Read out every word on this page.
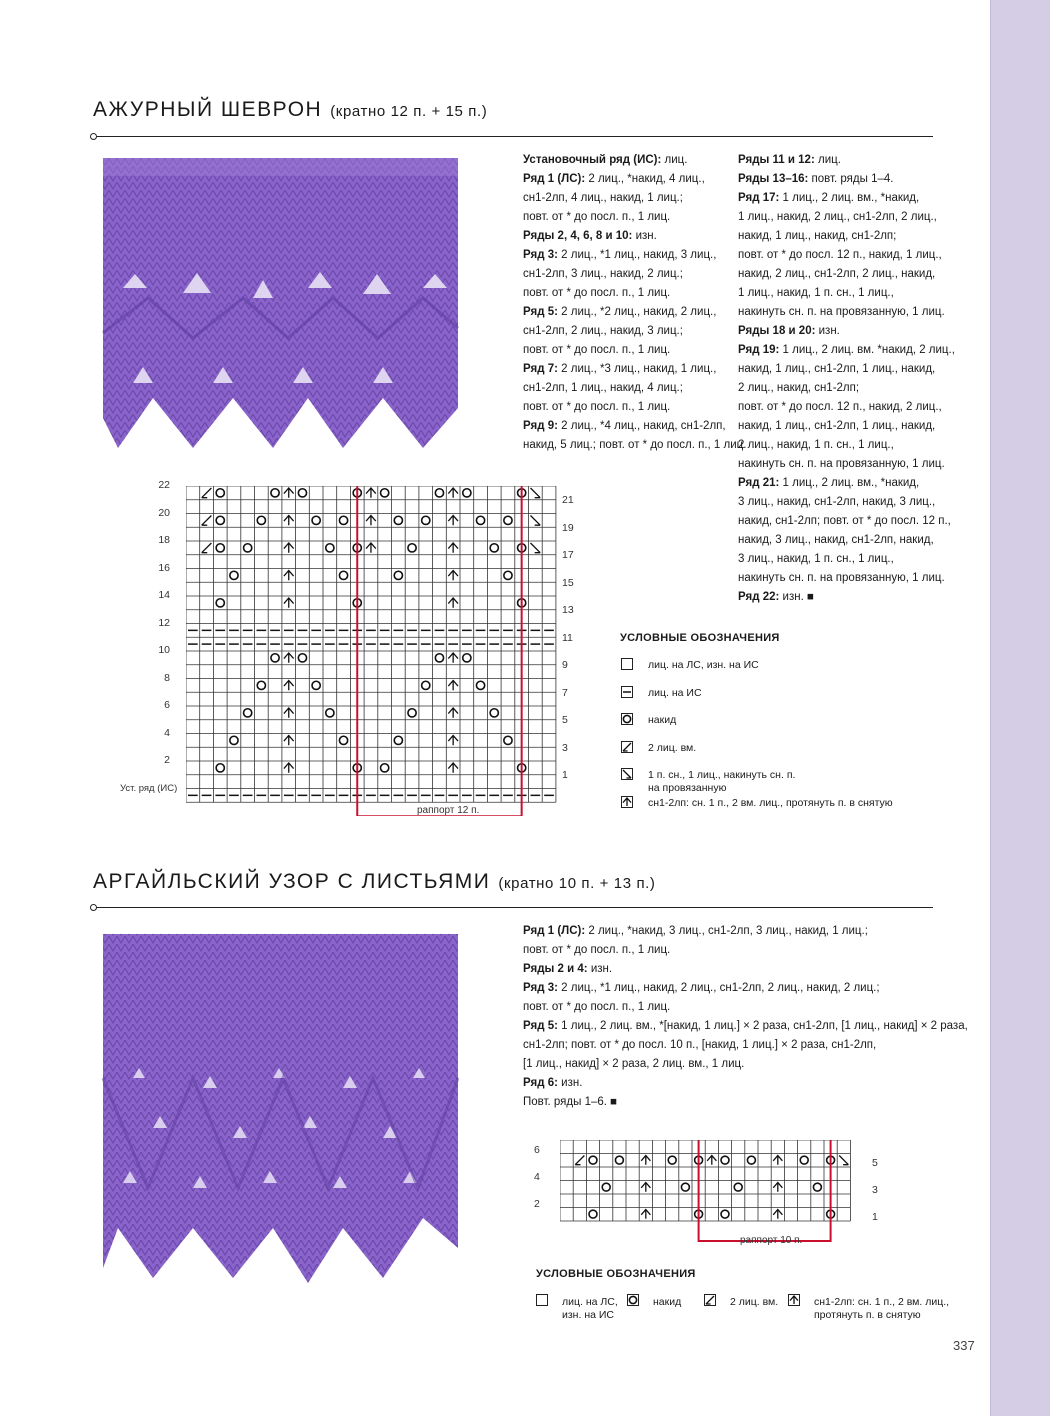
АЖУРНЫЙ ШЕВРОН (кратно 12 п. + 15 п.)
Установочный ряд (ИС): лиц.
Ряд 1 (ЛС): 2 лиц., *накид, 4 лиц.,
сн1-2лп, 4 лиц., накид, 1 лиц.;
повт. от * до посл. п., 1 лиц.
Ряды 2, 4, 6, 8 и 10: изн.
Ряд 3: 2 лиц., *1 лиц., накид, 3 лиц.,
сн1-2лп, 3 лиц., накид, 2 лиц.;
повт. от * до посл. п., 1 лиц.
Ряд 5: 2 лиц., *2 лиц., накид, 2 лиц.,
сн1-2лп, 2 лиц., накид, 3 лиц.;
повт. от * до посл. п., 1 лиц.
Ряд 7: 2 лиц., *3 лиц., накид, 1 лиц.,
сн1-2лп, 1 лиц., накид, 4 лиц.;
повт. от * до посл. п., 1 лиц.
Ряд 9: 2 лиц., *4 лиц., накид, сн1-2лп,
накид, 5 лиц.; повт. от * до посл. п., 1 лиц.
Ряды 11 и 12: лиц.
Ряды 13–16: повт. ряды 1–4.
Ряд 17: 1 лиц., 2 лиц. вм., *накид,
1 лиц., накид, 2 лиц., сн1-2лп, 2 лиц.,
накид, 1 лиц., накид, сн1-2лп;
повт. от * до посл. 12 п., накид, 1 лиц.,
накид, 2 лиц., сн1-2лп, 2 лиц., накид,
1 лиц., накид, 1 п. сн., 1 лиц.,
накинуть сн. п. на провязанную, 1 лиц.
Ряды 18 и 20: изн.
Ряд 19: 1 лиц., 2 лиц. вм. *накид, 2 лиц.,
накид, 1 лиц., сн1-2лп, 1 лиц., накид,
2 лиц., накид, сн1-2лп;
повт. от * до посл. 12 п., накид, 2 лиц.,
накид, 1 лиц., сн1-2лп, 1 лиц., накид,
2 лиц., накид, 1 п. сн., 1 лиц.,
накинуть сн. п. на провязанную, 1 лиц.
Ряд 21: 1 лиц., 2 лиц. вм., *накид,
3 лиц., накид, сн1-2лп, накид, 3 лиц.,
накид, сн1-2лп; повт. от * до посл. 12 п.,
накид, 3 лиц., накид, сн1-2лп, накид,
3 лиц., накид, 1 п. сн., 1 лиц.,
накинуть сн. п. на провязанную, 1 лиц.
Ряд 22: изн. ■
22
20
18
16
14
12
10
8
6
4
2
Уст. ряд (ИС)
21
19
17
15
13
11
9
7
5
3
1
раппорт 12 п.
УСЛОВНЫЕ ОБОЗНАЧЕНИЯ
лиц. на ЛС, изн. на ИС
лиц. на ИС
накид
2 лиц. вм.
1 п. сн., 1 лиц., накинуть сн. п.
на провязанную
сн1-2лп: сн. 1 п., 2 вм. лиц., протянуть п. в снятую
АРГАЙЛЬСКИЙ УЗОР С ЛИСТЬЯМИ (кратно 10 п. + 13 п.)
Ряд 1 (ЛС): 2 лиц., *накид, 3 лиц., сн1-2лп, 3 лиц., накид, 1 лиц.;
повт. от * до посл. п., 1 лиц.
Ряды 2 и 4: изн.
Ряд 3: 2 лиц., *1 лиц., накид, 2 лиц., сн1-2лп, 2 лиц., накид, 2 лиц.;
повт. от * до посл. п., 1 лиц.
Ряд 5: 1 лиц., 2 лиц. вм., *[накид, 1 лиц.] × 2 раза, сн1-2лп, [1 лиц., накид] × 2 раза,
сн1-2лп; повт. от * до посл. 10 п., [накид, 1 лиц.] × 2 раза, сн1-2лп,
[1 лиц., накид] × 2 раза, 2 лиц. вм., 1 лиц.
Ряд 6: изн.
Повт. ряды 1–6. ■
6
4
2
5
3
1
раппорт 10 п.
УСЛОВНЫЕ ОБОЗНАЧЕНИЯ
лиц. на ЛС,
изн. на ИС
накид	2 лиц. вм.	сн1-2лп: сн. 1 п., 2 вм. лиц.,
протянуть п. в снятую
337
